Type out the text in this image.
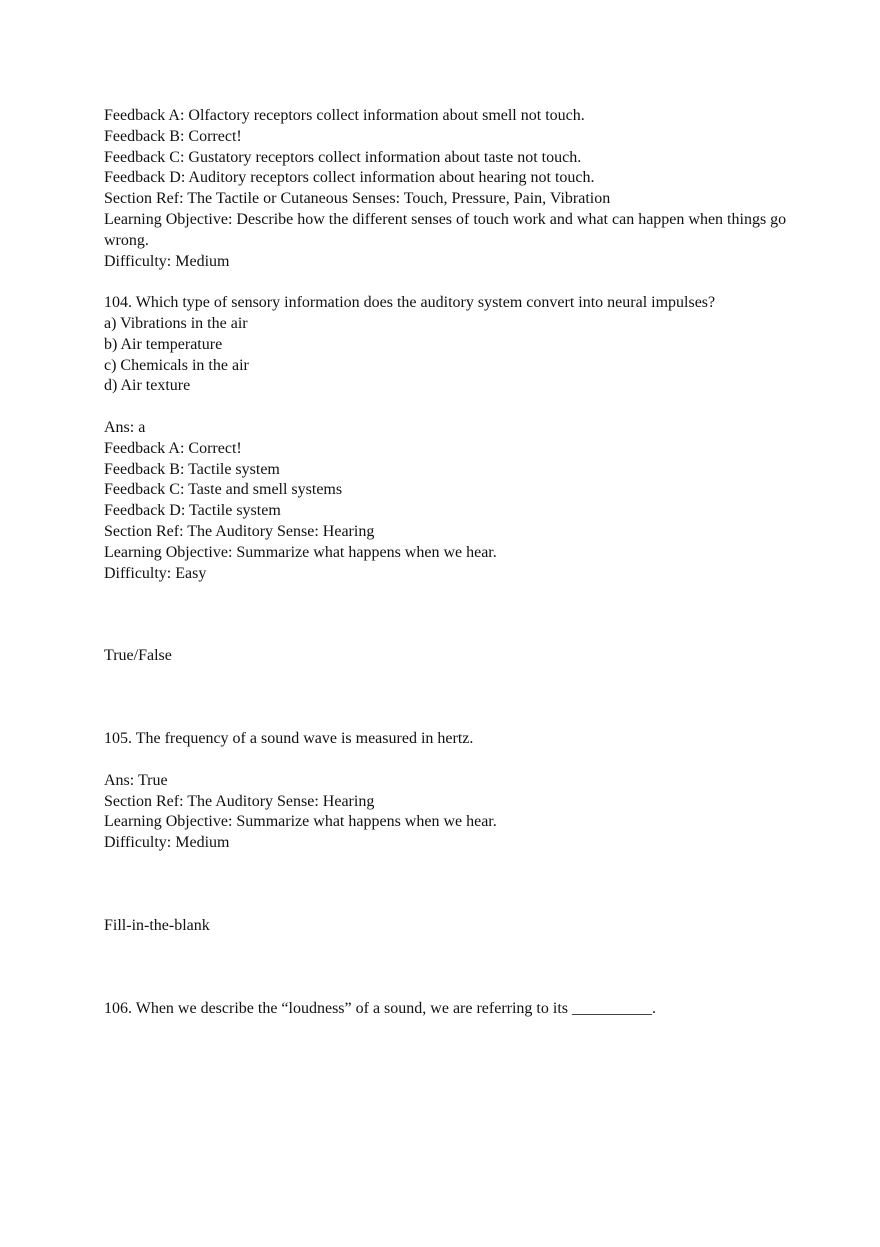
Feedback A: Olfactory receptors collect information about smell not touch.
Feedback B: Correct!
Feedback C: Gustatory receptors collect information about taste not touch.
Feedback D: Auditory receptors collect information about hearing not touch.
Section Ref: The Tactile or Cutaneous Senses: Touch, Pressure, Pain, Vibration
Learning Objective: Describe how the different senses of touch work and what can happen when things go wrong.
Difficulty: Medium
104. Which type of sensory information does the auditory system convert into neural impulses?
a) Vibrations in the air
b) Air temperature
c) Chemicals in the air
d) Air texture
Ans: a
Feedback A: Correct!
Feedback B: Tactile system
Feedback C: Taste and smell systems
Feedback D: Tactile system
Section Ref: The Auditory Sense: Hearing
Learning Objective: Summarize what happens when we hear.
Difficulty: Easy
True/False
105. The frequency of a sound wave is measured in hertz.
Ans: True
Section Ref: The Auditory Sense: Hearing
Learning Objective: Summarize what happens when we hear.
Difficulty: Medium
Fill-in-the-blank
106. When we describe the “loudness” of a sound, we are referring to its __________.
